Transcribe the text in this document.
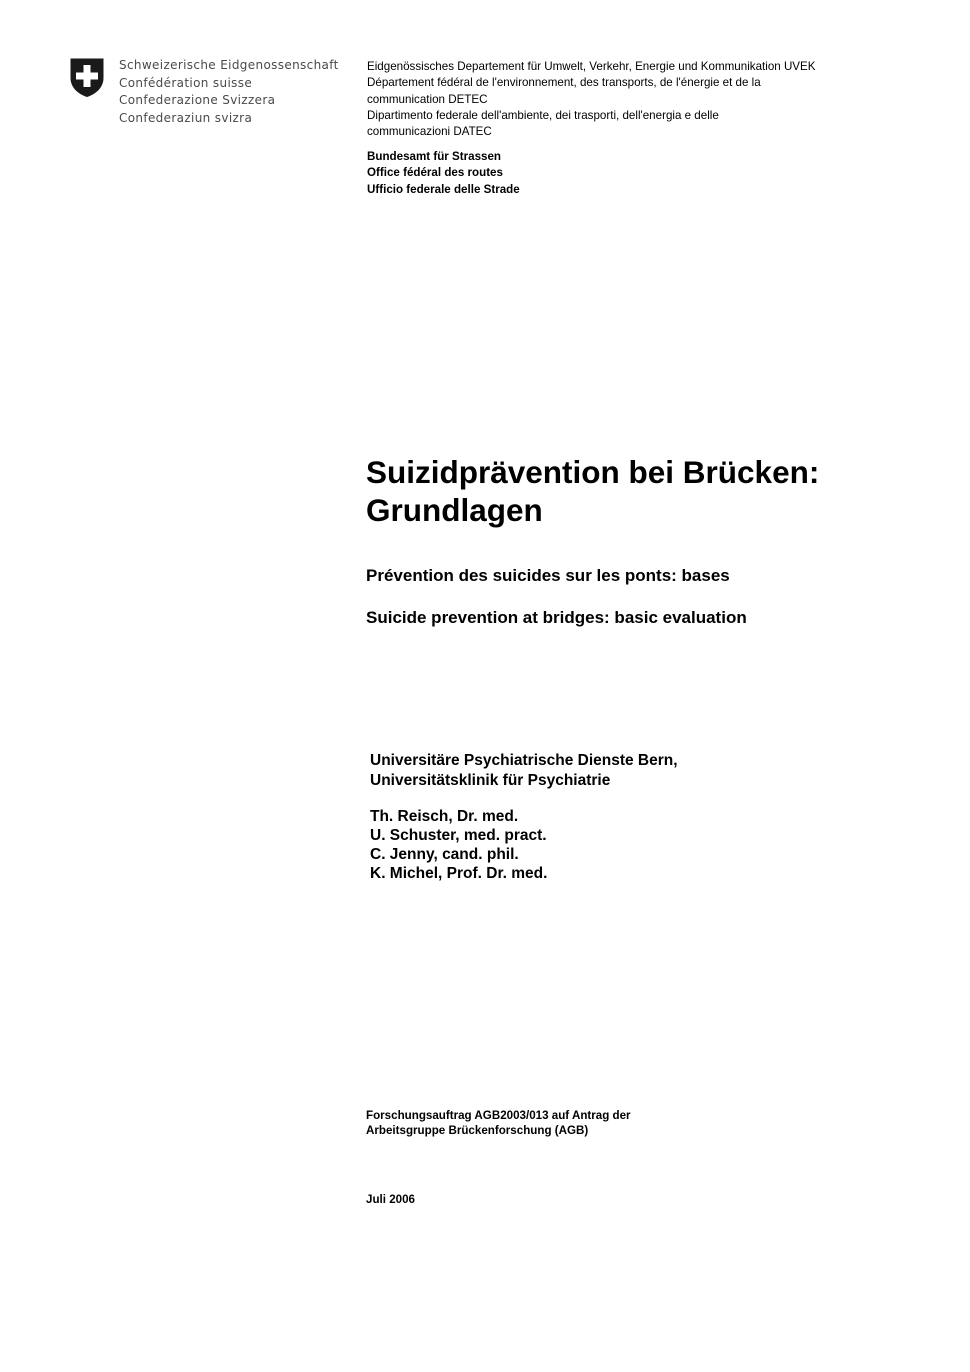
Schweizerische Eidgenossenschaft
Confédération suisse
Confederazione Svizzera
Confederaziun svizra
Eidgenössisches Departement für Umwelt, Verkehr, Energie und Kommunikation UVEK
Département fédéral de l'environnement, des transports, de l'énergie et de la
communication DETEC
Dipartimento federale dell'ambiente, dei trasporti, dell'energia e delle
communicazioni DATEC
Bundesamt für Strassen
Office fédéral des routes
Ufficio federale delle Strade
Suizidprävention bei Brücken:
Grundlagen
Prévention des suicides sur les ponts: bases
Suicide prevention at bridges: basic evaluation
Universitäre Psychiatrische Dienste Bern,
Universitätsklinik für Psychiatrie
Th. Reisch, Dr. med.
U. Schuster, med. pract.
C. Jenny, cand. phil.
K. Michel, Prof. Dr. med.
Forschungsauftrag AGB2003/013 auf Antrag der
Arbeitsgruppe Brückenforschung (AGB)
Juli 2006
